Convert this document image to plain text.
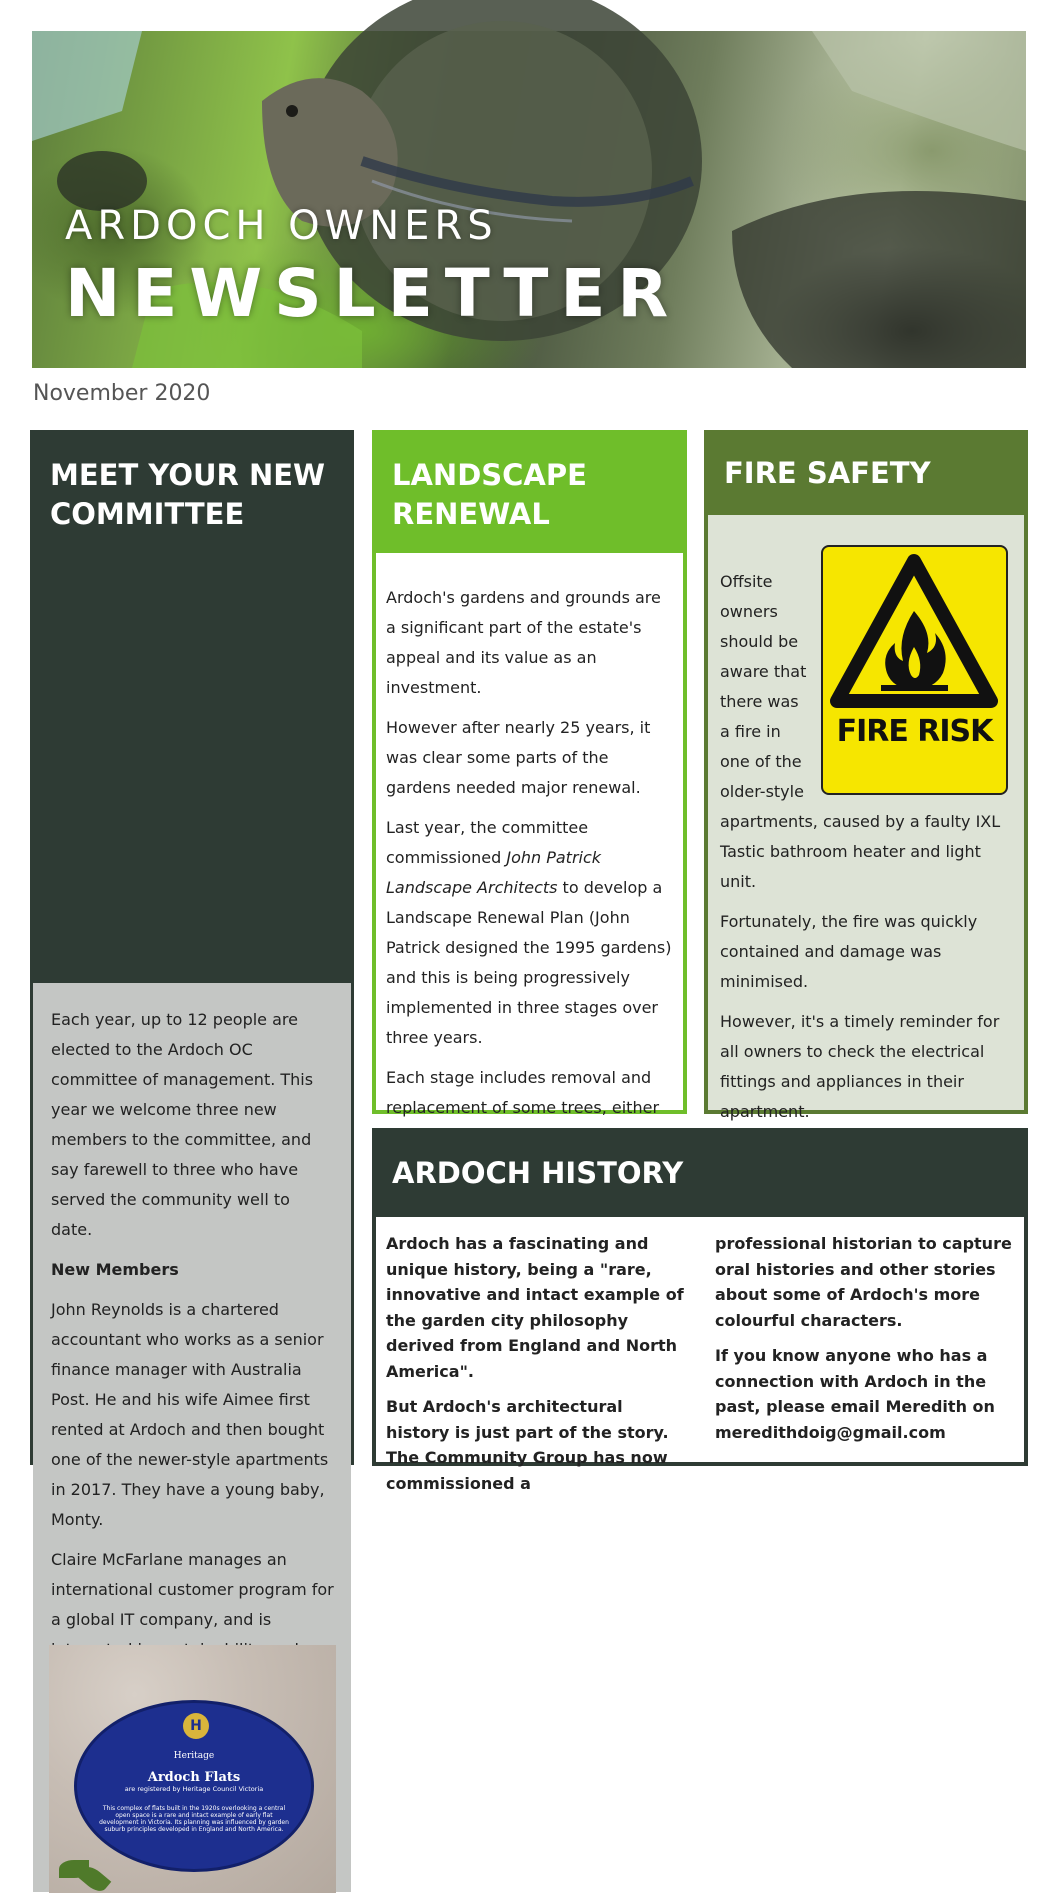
ARDOCH OWNERS
NEWSLETTER
November 2020
MEET YOUR NEW COMMITTEE

Each year, up to 12 people are elected to the Ardoch OC committee of management. This year we welcome three new members to the committee, and say farewell to three who have served the community well to date.

New Members

John Reynolds is a chartered accountant who works as a senior finance manager with Australia Post. He and his wife Aimee first rented at Ardoch and then bought one of the newer-style apartments in 2017. They have a young baby, Monty.

Claire McFarlane manages an international customer program for a global IT company, and is

H
Heritage
Ardoch Flats
are registered by Heritage Council Victoria
This complex of flats built in the 1920s overlooking a central open space is a rare and intact example of early flat development in Victoria. Its planning was influenced by garden suburb principles developed in England and North America.
LANDSCAPE RENEWAL

Ardoch's gardens and grounds are a significant part of the estate's appeal and its value as an investment.

However after nearly 25 years, it was clear some parts of the gardens needed major renewal.

Last year, the committee commissioned John Patrick Landscape Architects to develop a Landscape Renewal Plan (John Patrick designed the 1995 gardens) and this is being progressively implemented in three stages over three years.

Each stage includes removal and replacement of some trees, either

FIRE SAFETY
FIRE RISK

Offsite owners should be aware that there was a fire in one of the older-style apartments, caused by a faulty IXL Tastic bathroom heater and light unit.

Fortunately, the fire was quickly contained and damage was minimised.

However, it's a timely reminder for all owners to check the electrical fittings and appliances in their apartment.

ARDOCH HISTORY

Ardoch has a fascinating and unique history, being a "rare, innovative and intact example of the garden city philosophy derived from England and North America".

But Ardoch's architectural history is just part of the story. The Community Group has now commissioned a

professional historian to capture oral histories and other stories about some of Ardoch's more colourful characters.

If you know anyone who has a connection with Ardoch in the past, please email Meredith on meredithdoig@gmail.com
